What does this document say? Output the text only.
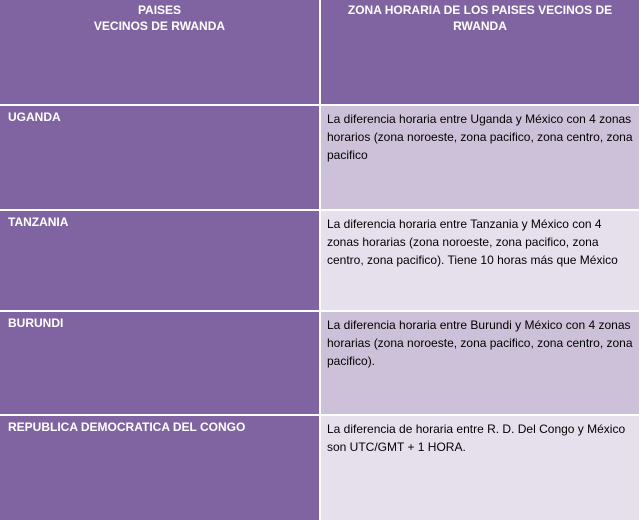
PAISES
VECINOS DE RWANDA	ZONA HORARIA DE LOS PAISES VECINOS DE RWANDA

UGANDA	La diferencia horaria entre Uganda y México con 4 zonas horarios (zona noroeste, zona pacifico, zona centro, zona pacifico
TANZANIA	La diferencia horaria entre Tanzania y México con 4 zonas horarias (zona noroeste, zona pacifico, zona centro, zona pacifico). Tiene 10 horas más que México
BURUNDI	La diferencia horaria entre Burundi y México con 4 zonas horarias (zona noroeste, zona pacifico, zona centro, zona pacifico).
REPUBLICA DEMOCRATICA DEL CONGO	La diferencia de horaria entre R. D. Del Congo y México son UTC/GMT + 1 HORA.
